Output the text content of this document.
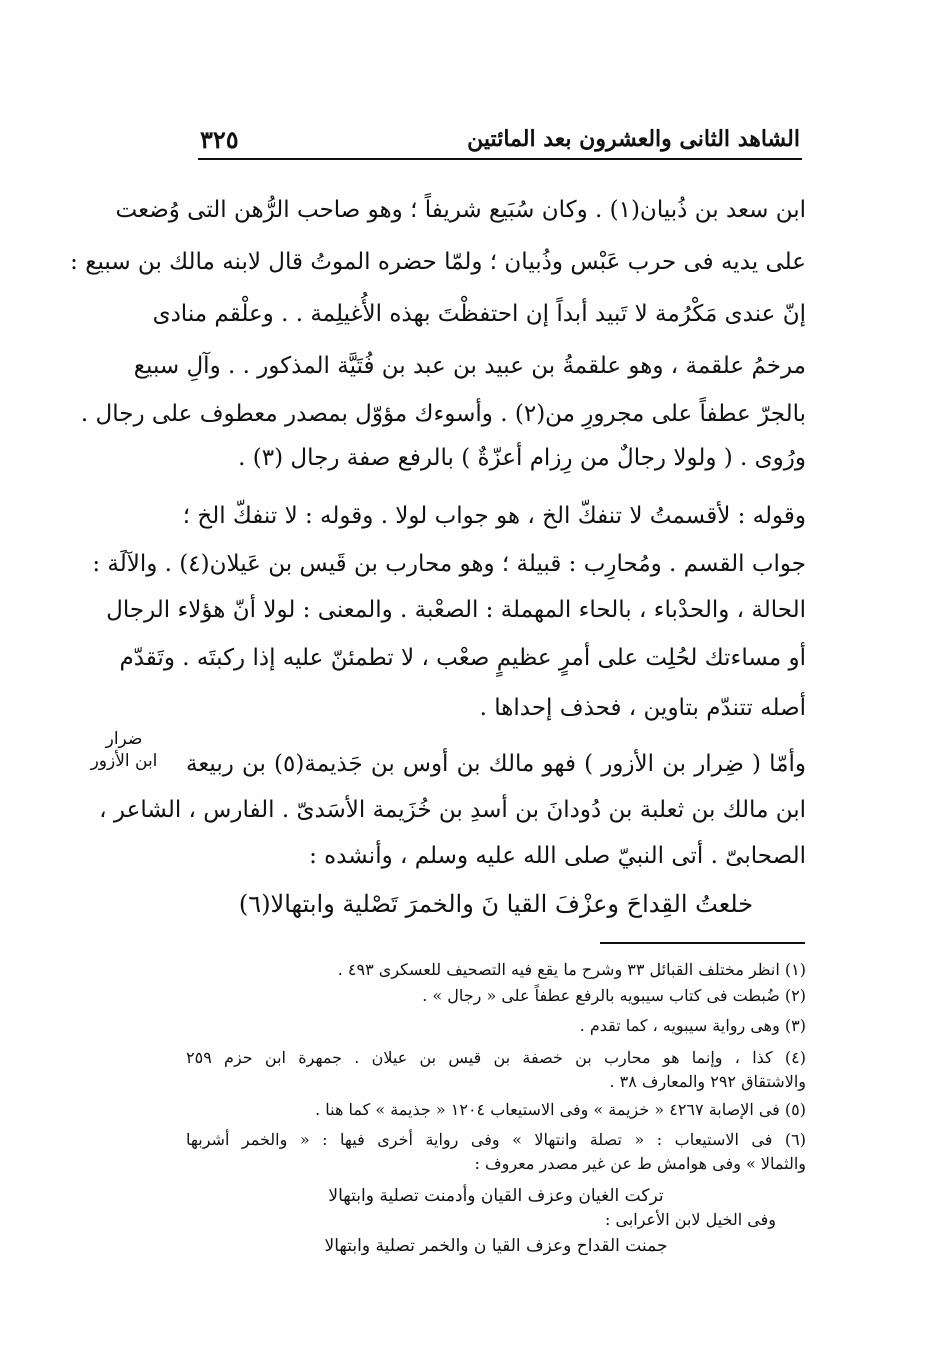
الشاهد الثانى والعشرون بعد المائتين
٣٢٥
ابن سعد بن ذُبيان(١) . وكان سُبَيع شريفاً ؛ وهو صاحب الرُّهن التى وُضعت
على يديه فى حرب عَبْس وذُبيان ؛ ولمّا حضره الموتُ قال لابنه مالك بن سبيع :
إنّ عندى مَكْرُمة لا تَبيد أبداً إن احتفظْتَ بهذه الأُغيلِمة . . وعلْقم منادى
مرخمُ علقمة ، وهو علقمةُ بن عبيد بن عبد بن فُتَيَّة المذكور . . وآلِ سبيع
بالجرّ عطفاً على مجرورِ من(٢) . وأسوءك مؤوّل بمصدر معطوف على رجال .
ورُوى . ( ولولا رجالٌ من رِزام أعزّةٌ ) بالرفع صفة رجال (٣) .
وقوله : لأقسمتُ لا تنفكّ الخ ، هو جواب لولا . وقوله : لا تنفكّ الخ ؛
جواب القسم . ومُحارِب : قبيلة ؛ وهو محارب بن قَيس بن عَيلان(٤) . والآلَة :
الحالة ، والحدْباء ، بالحاء المهملة : الصعْبة . والمعنى : لولا أنّ هؤلاء الرجال
أو مساءتك لحُلِت على أمرٍ عظيمٍ صعْب ، لا تطمئنّ عليه إذا ركبتَه . وتَقدّم
أصله تتندّم بتاوين ، فحذف إحداها .
وأمّا ( ضِرار بن الأزور ) فهو مالك بن أوس بن جَذيمة(٥) بن ربيعة
ابن مالك بن ثعلبة بن دُودانَ بن أسدِ بن خُزَيمة الأسَدىّ . الفارس ، الشاعر ،
الصحابىّ . أتى النبيّ صلى الله عليه وسلم ، وأنشده :
خلعتُ القِداحَ وعزْفَ القيا نَ والخمرَ تَصْلية وابتهالا(٦)
ضرار
ابن الأزور
(١) انظر مختلف القبائل ٣٣ وشرح ما يقع فيه التصحيف للعسكرى ٤٩٣ .
(٢) ضُبطت فى كتاب سيبويه بالرفع عطفاً على « رجال » .
(٣) وهى رواية سيبويه ، كما تقدم .
(٤) كذا ، وإنما هو محارب بن خصفة بن قيس بن عيلان . جمهرة ابن حزم ٢٥٩
والاشتقاق ٢٩٢ والمعارف ٣٨ .
(٥) فى الإصابة ٤٢٦٧ « خزيمة » وفى الاستيعاب ١٢٠٤ « جذيمة » كما هنا .
(٦) فى الاستيعاب : « تصلة وانتهالا » وفى رواية أخرى فيها : « والخمر أشربها
والثمالا » وفى هوامش ط عن غير مصدر معروف :
تركت الغيان وعزف القيان وأدمنت تصلية وابتهالا
وفى الخيل لابن الأعرابى :
جمنت القداح وعزف القيا ن والخمر تصلية وابتهالا
